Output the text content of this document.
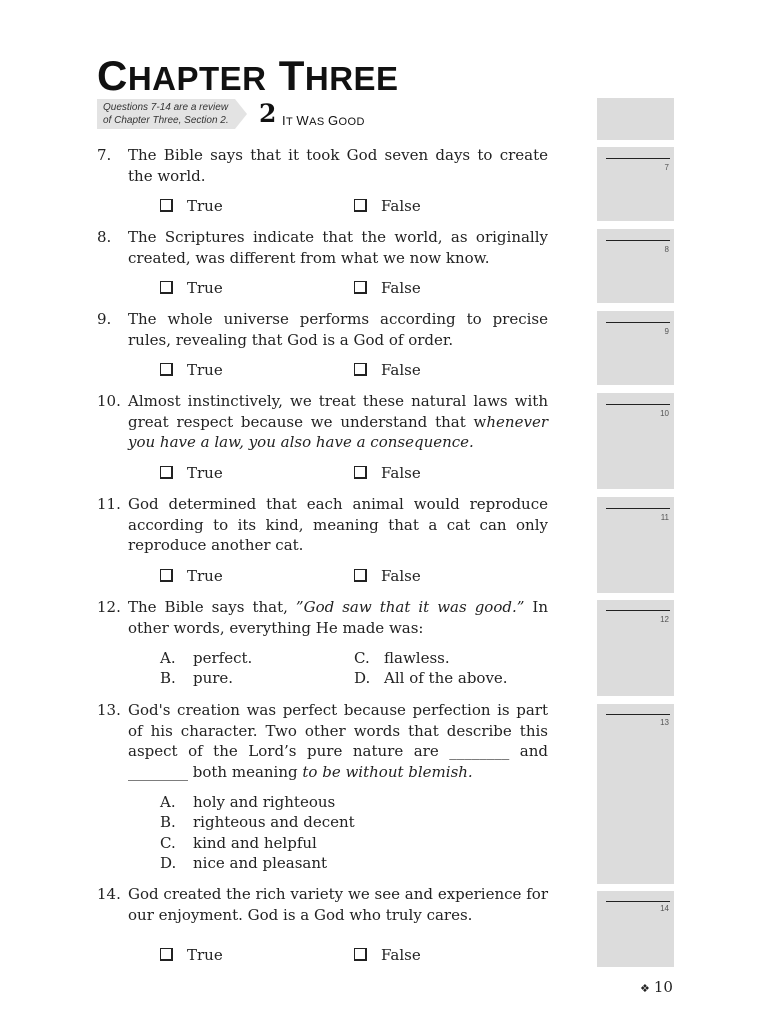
CHAPTER THREE
Questions 7-14 are a review
of Chapter Three, Section 2.	2 IT WAS GOOD
7
8
9
10
11
12
13
14
7. The Bible says that it took God seven days to create the world.

True	False
8. The Scriptures indicate that the world, as originally created, was different from what we now know.

True	False
9. The whole universe performs according to precise rules, revealing that God is a God of order.

True	False
10. Almost instinctively, we treat these natural laws with great respect because we understand that whenever you have a law, you also have a consequence.

True	False
11. God determined that each animal would reproduce according to its kind, meaning that a cat can only reproduce another cat.

True	False
12. The Bible says that, ”God saw that it was good.” In other words, everything He made was:

A. perfect.
B. pure.
C. flawless.
D. All of the above.
13. God's creation was perfect because perfection is part of his character. Two other words that describe this aspect of the Lord’s pure nature are ________ and ________ both meaning to be without blemish.

A. holy and righteous
B. righteous and decent
C. kind and helpful
D. nice and pleasant
14. God created the rich variety we see and experience for our enjoyment. God is a God who truly cares.

True	False
❖ 10
